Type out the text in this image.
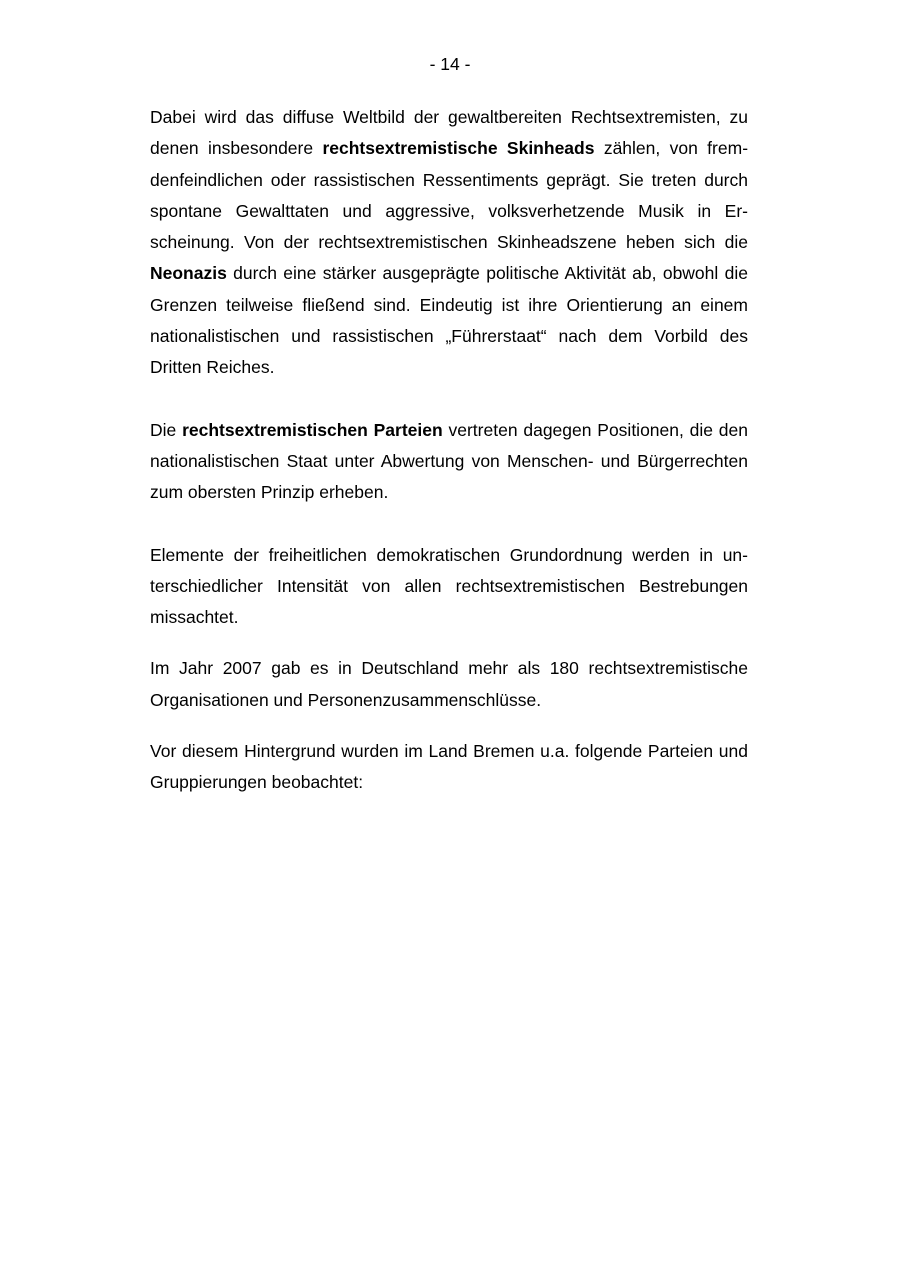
- 14 -

Dabei wird das diffuse Weltbild der gewaltbereiten Rechtsextremisten, zu denen insbesondere rechtsextremistische Skinheads zählen, von fremdenfeindlichen oder rassistischen Ressentiments geprägt. Sie treten durch spontane Gewalttaten und aggressive, volksverhetzende Musik in Erscheinung. Von der rechtsextremistischen Skinheadszene heben sich die Neonazis durch eine stärker ausgeprägte politische Aktivität ab, obwohl die Grenzen teilweise fließend sind. Eindeutig ist ihre Orientierung an einem nationalistischen und rassistischen „Führerstaat“ nach dem Vorbild des Dritten Reiches.

Die rechtsextremistischen Parteien vertreten dagegen Positionen, die den nationalistischen Staat unter Abwertung von Menschen- und Bürgerrechten zum obersten Prinzip erheben.

Elemente der freiheitlichen demokratischen Grundordnung werden in unterschiedlicher Intensität von allen rechtsextremistischen Bestrebungen missachtet.

Im Jahr 2007 gab es in Deutschland mehr als 180 rechtsextremistische Organisationen und Personenzusammenschlüsse.

Vor diesem Hintergrund wurden im Land Bremen u.a. folgende Parteien und Gruppierungen beobachtet:
